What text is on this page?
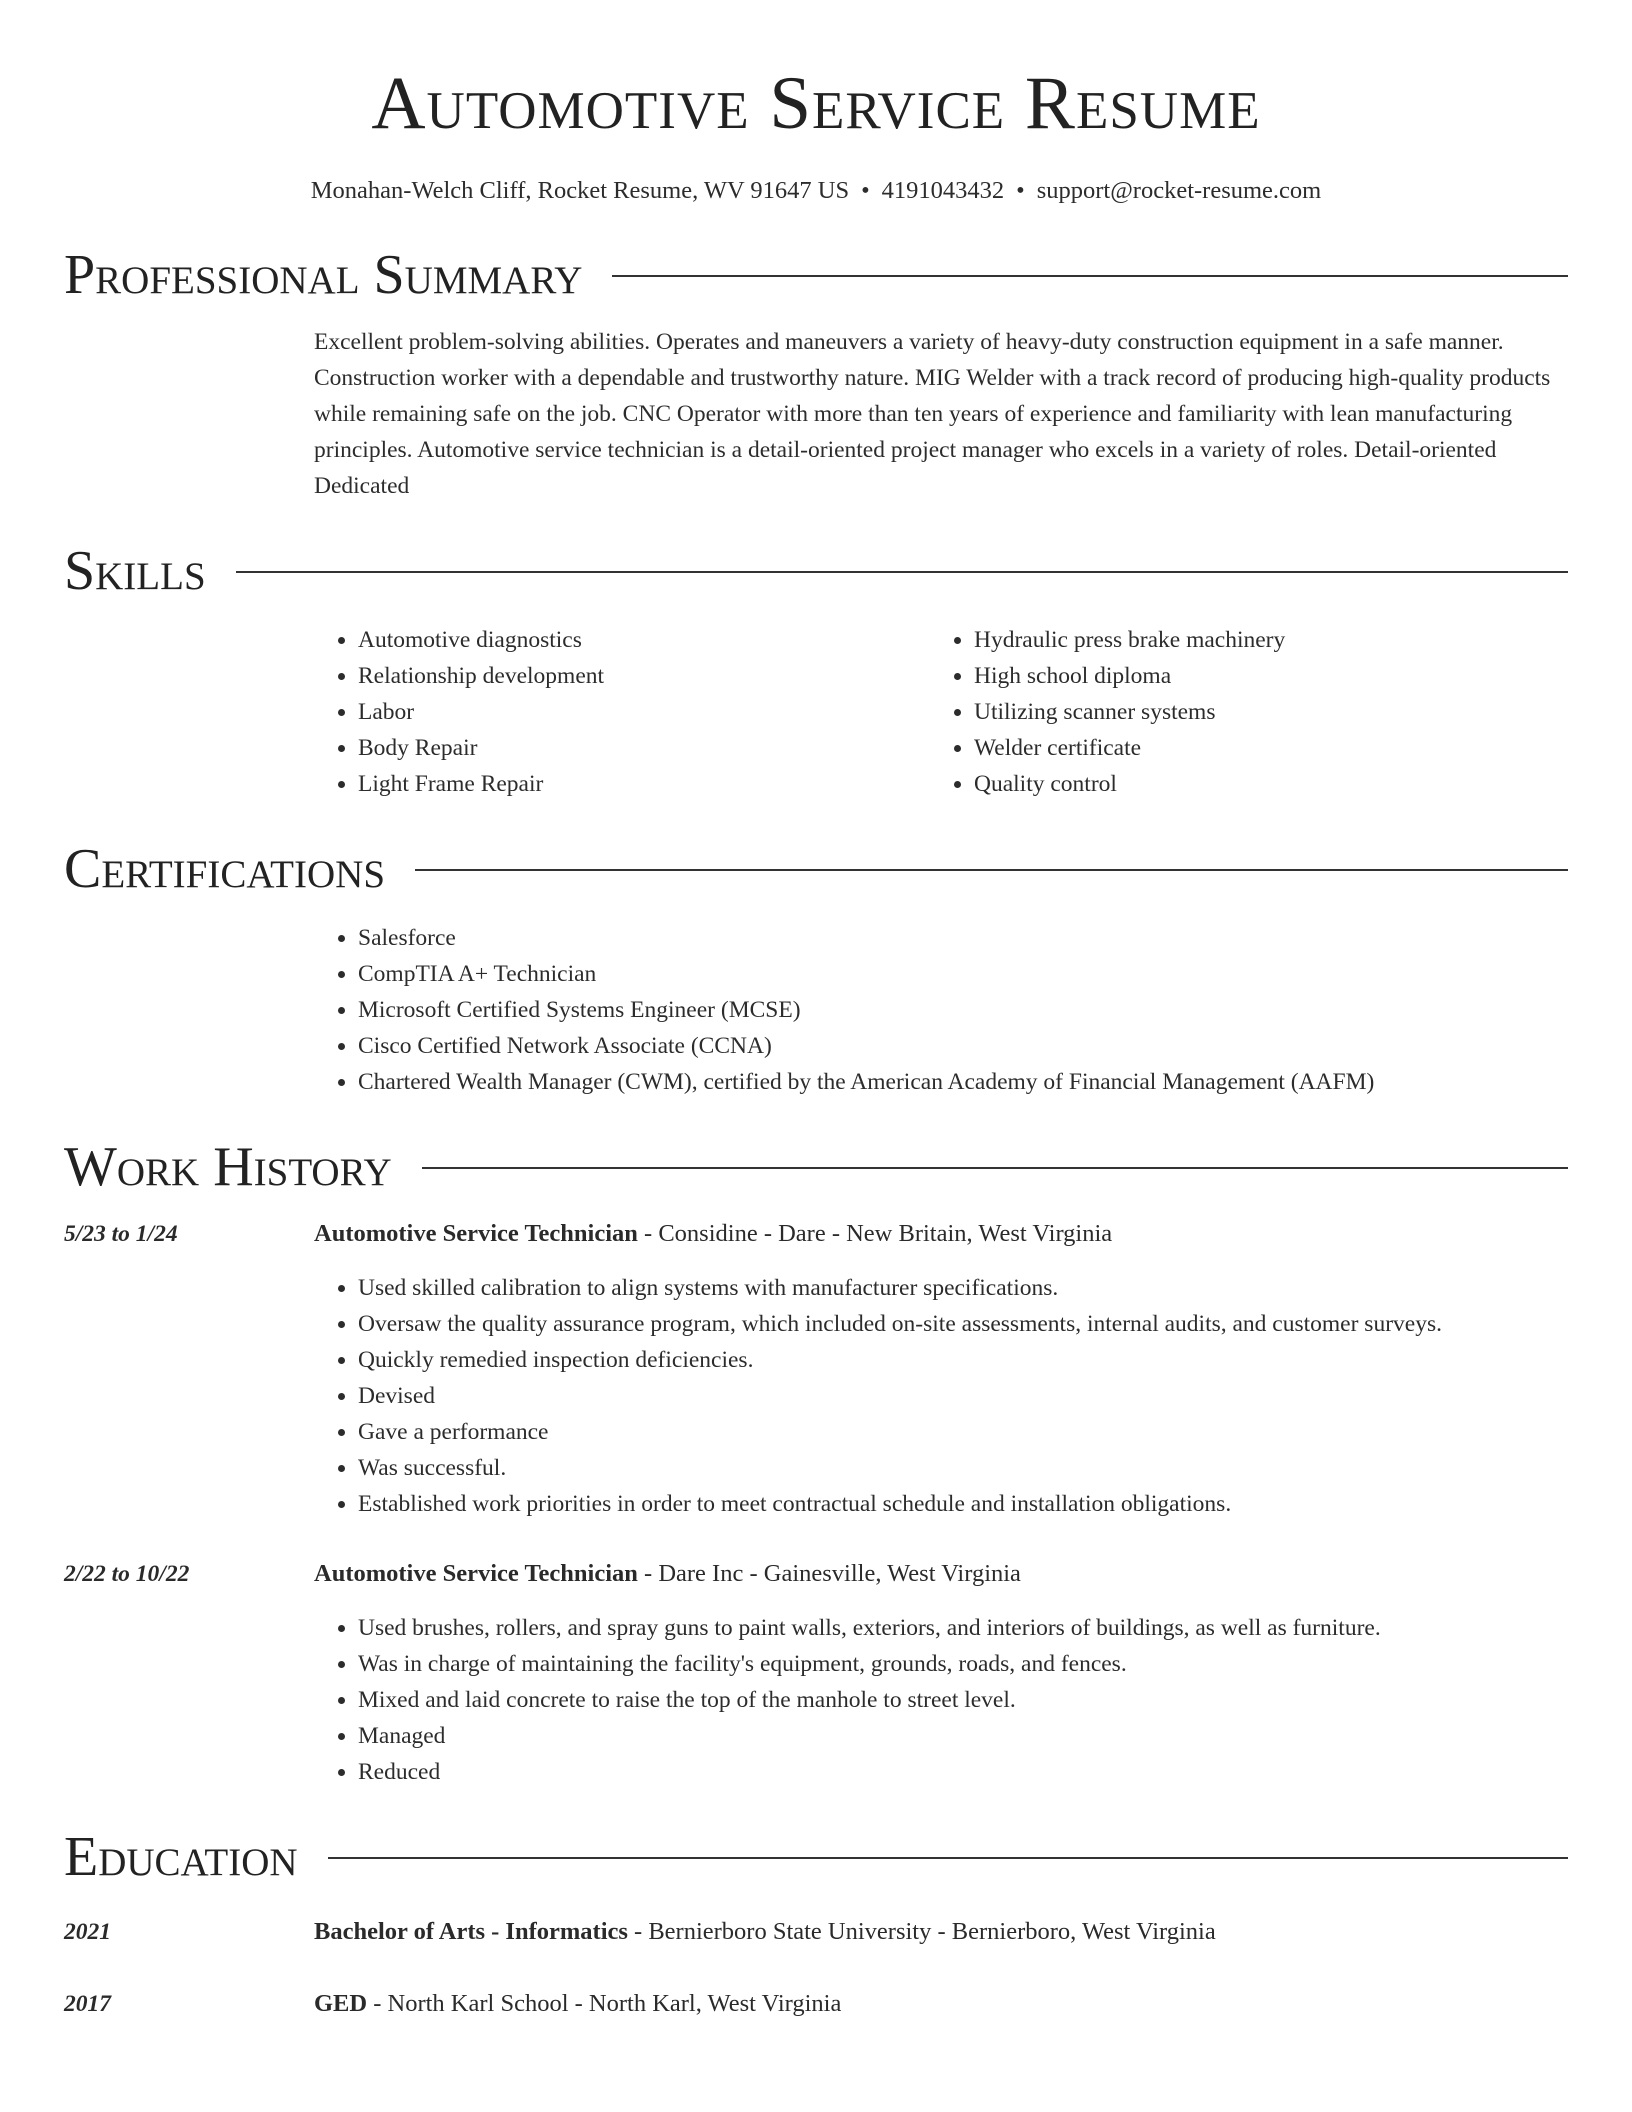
Automotive Service Resume
Monahan-Welch Cliff, Rocket Resume, WV 91647 US • 4191043432 • support@rocket-resume.com
Professional Summary
Excellent problem-solving abilities. Operates and maneuvers a variety of heavy-duty construction equipment in a safe manner. Construction worker with a dependable and trustworthy nature. MIG Welder with a track record of producing high-quality products while remaining safe on the job. CNC Operator with more than ten years of experience and familiarity with lean manufacturing principles. Automotive service technician is a detail-oriented project manager who excels in a variety of roles. Detail-oriented Dedicated
Skills
• Automotive diagnostics
• Relationship development
• Labor
• Body Repair
• Light Frame Repair
• Hydraulic press brake machinery
• High school diploma
• Utilizing scanner systems
• Welder certificate
• Quality control
Certifications
• Salesforce
• CompTIA A+ Technician
• Microsoft Certified Systems Engineer (MCSE)
• Cisco Certified Network Associate (CCNA)
• Chartered Wealth Manager (CWM), certified by the American Academy of Financial Management (AAFM)
Work History
5/23 to 1/24	Automotive Service Technician - Considine - Dare - New Britain, West Virginia
• Used skilled calibration to align systems with manufacturer specifications.
• Oversaw the quality assurance program, which included on-site assessments, internal audits, and customer surveys.
• Quickly remedied inspection deficiencies.
• Devised
• Gave a performance
• Was successful.
• Established work priorities in order to meet contractual schedule and installation obligations.
2/22 to 10/22	Automotive Service Technician - Dare Inc - Gainesville, West Virginia
• Used brushes, rollers, and spray guns to paint walls, exteriors, and interiors of buildings, as well as furniture.
• Was in charge of maintaining the facility's equipment, grounds, roads, and fences.
• Mixed and laid concrete to raise the top of the manhole to street level.
• Managed
• Reduced
Education
2021	Bachelor of Arts - Informatics - Bernierboro State University - Bernierboro, West Virginia
2017	GED - North Karl School - North Karl, West Virginia
